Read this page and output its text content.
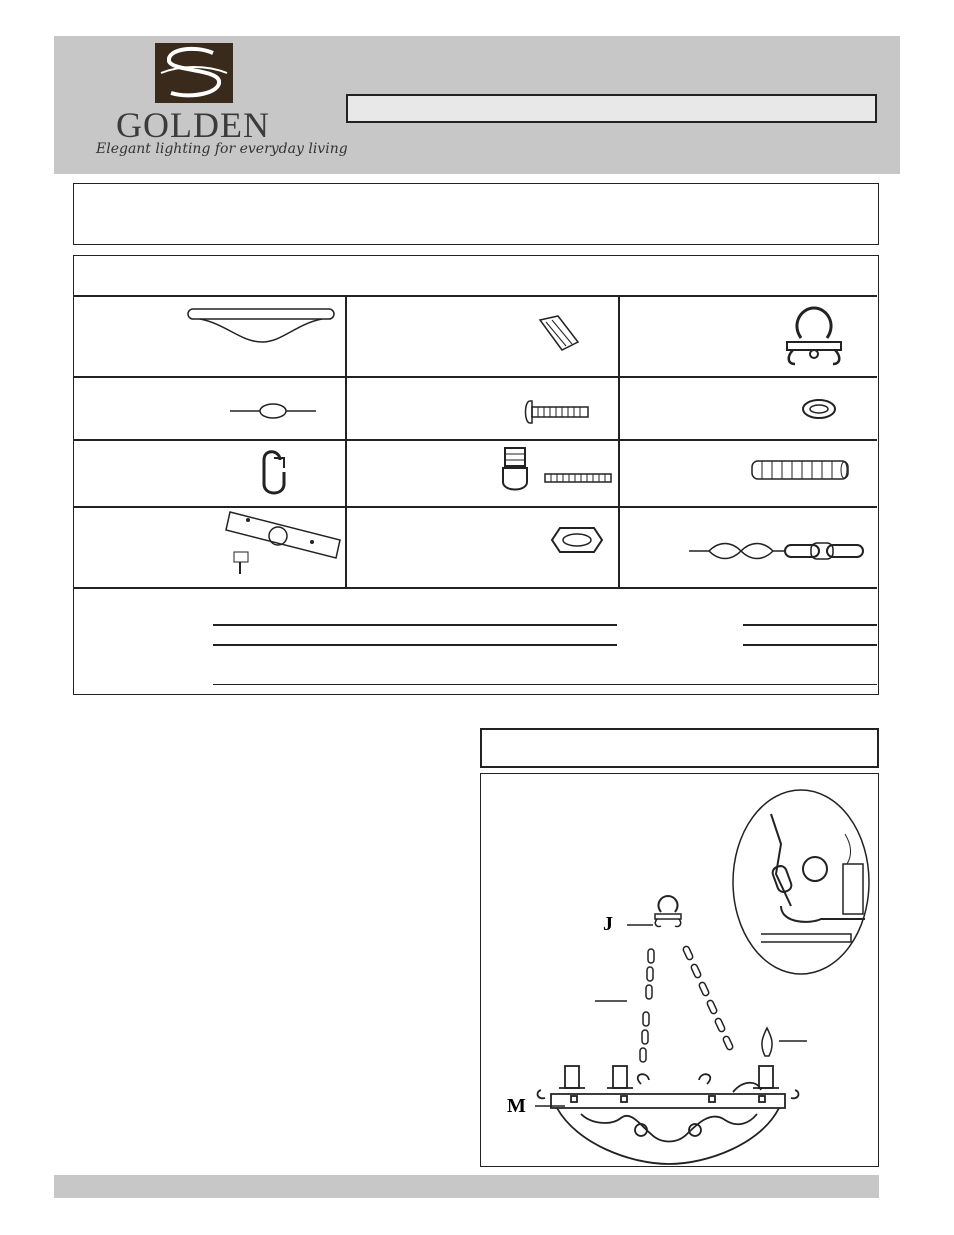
GOLDEN
Elegant lighting for everyday living
J
M
